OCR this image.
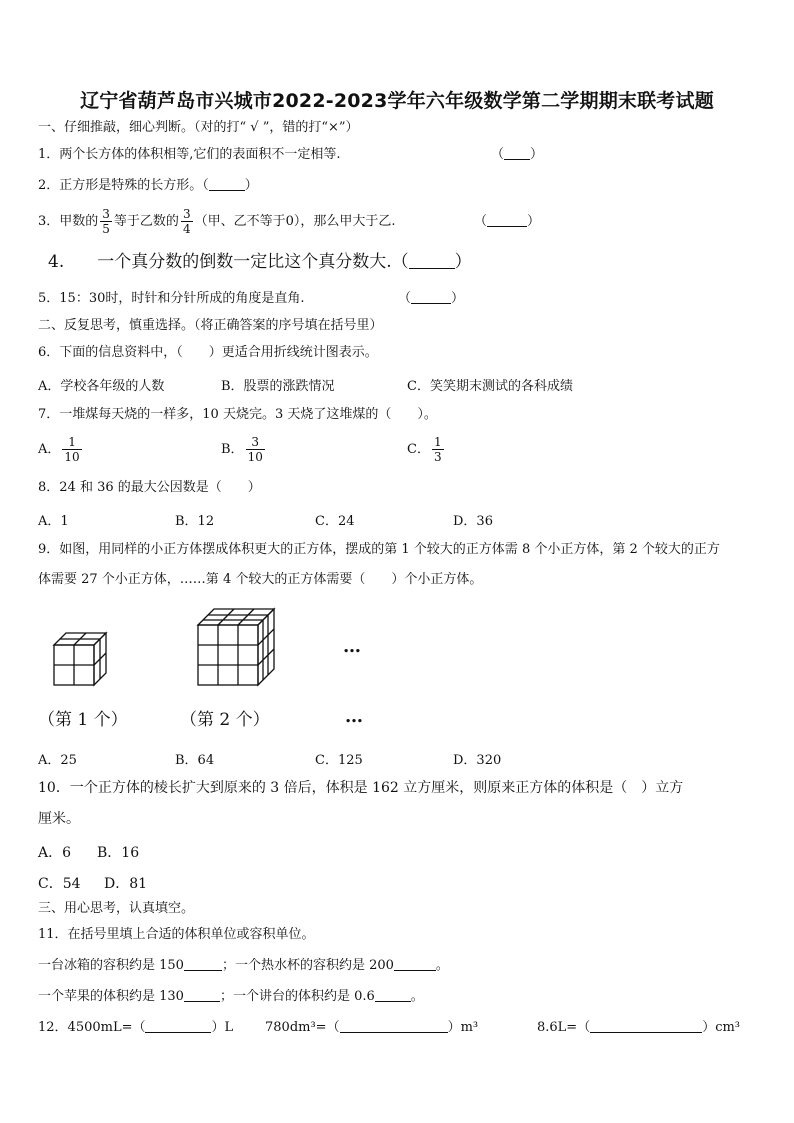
辽宁省葫芦岛市兴城市2022-2023学年六年级数学第二学期期末联考试题
一、仔细推敲，细心判断。（对的打“ √ ”，错的打“×”）
1．两个长方体的体积相等,它们的表面积不一定相等.	（ ）
2．正方形是特殊的长方形。（	）
3．甲数的 $\frac{3}{5}$ 等于乙数的 $\frac{3}{4}$ （甲、乙不等于0），那么甲大于乙.	（	）
4. 一个真分数的倒数一定比这个真分数大.（	）
5．15：30时，时针和分针所成的角度是直角.	（	）
二、反复思考，慎重选择。（将正确答案的序号填在括号里）
6．下面的信息资料中，（　　）更适合用折线统计图表示。
A．学校各年级的人数	B．股票的涨跌情况	C．笑笑期末测试的各科成绩
7．一堆煤每天烧的一样多，10 天烧完。3 天烧了这堆煤的（　　）。
A． $\frac{1}{10}$	B． $\frac{3}{10}$	C． $\frac{1}{3}$
8．24 和 36 的最大公因数是（　　）
A．1	B．12	C．24	D．36
9．如图，用同样的小正方体摆成体积更大的正方体，摆成的第 1 个较大的正方体需 8 个小正方体，第 2 个较大的正方
体需要 27 个小正方体，……第 4 个较大的正方体需要（　　）个小正方体。
…
（第 1 个）	（第 2 个）	…
A．25	B．64	C．125	D．320
10．一个正方体的棱长扩大到原来的 3 倍后，体积是 162 立方厘米，则原来正方体的体积是（　）立方
厘米。
A．6 B．16
C．54 D．81
三、用心思考，认真填空。
11．在括号里填上合适的体积单位或容积单位。
一台冰箱的容积约是 150	；一个热水杯的容积约是 200	。
一个苹果的体积约是 130	；一个讲台的体积约是 0.6	。
12．4500mL=（	）L 780dm³=（	）m³	8.6L=（	）cm³
